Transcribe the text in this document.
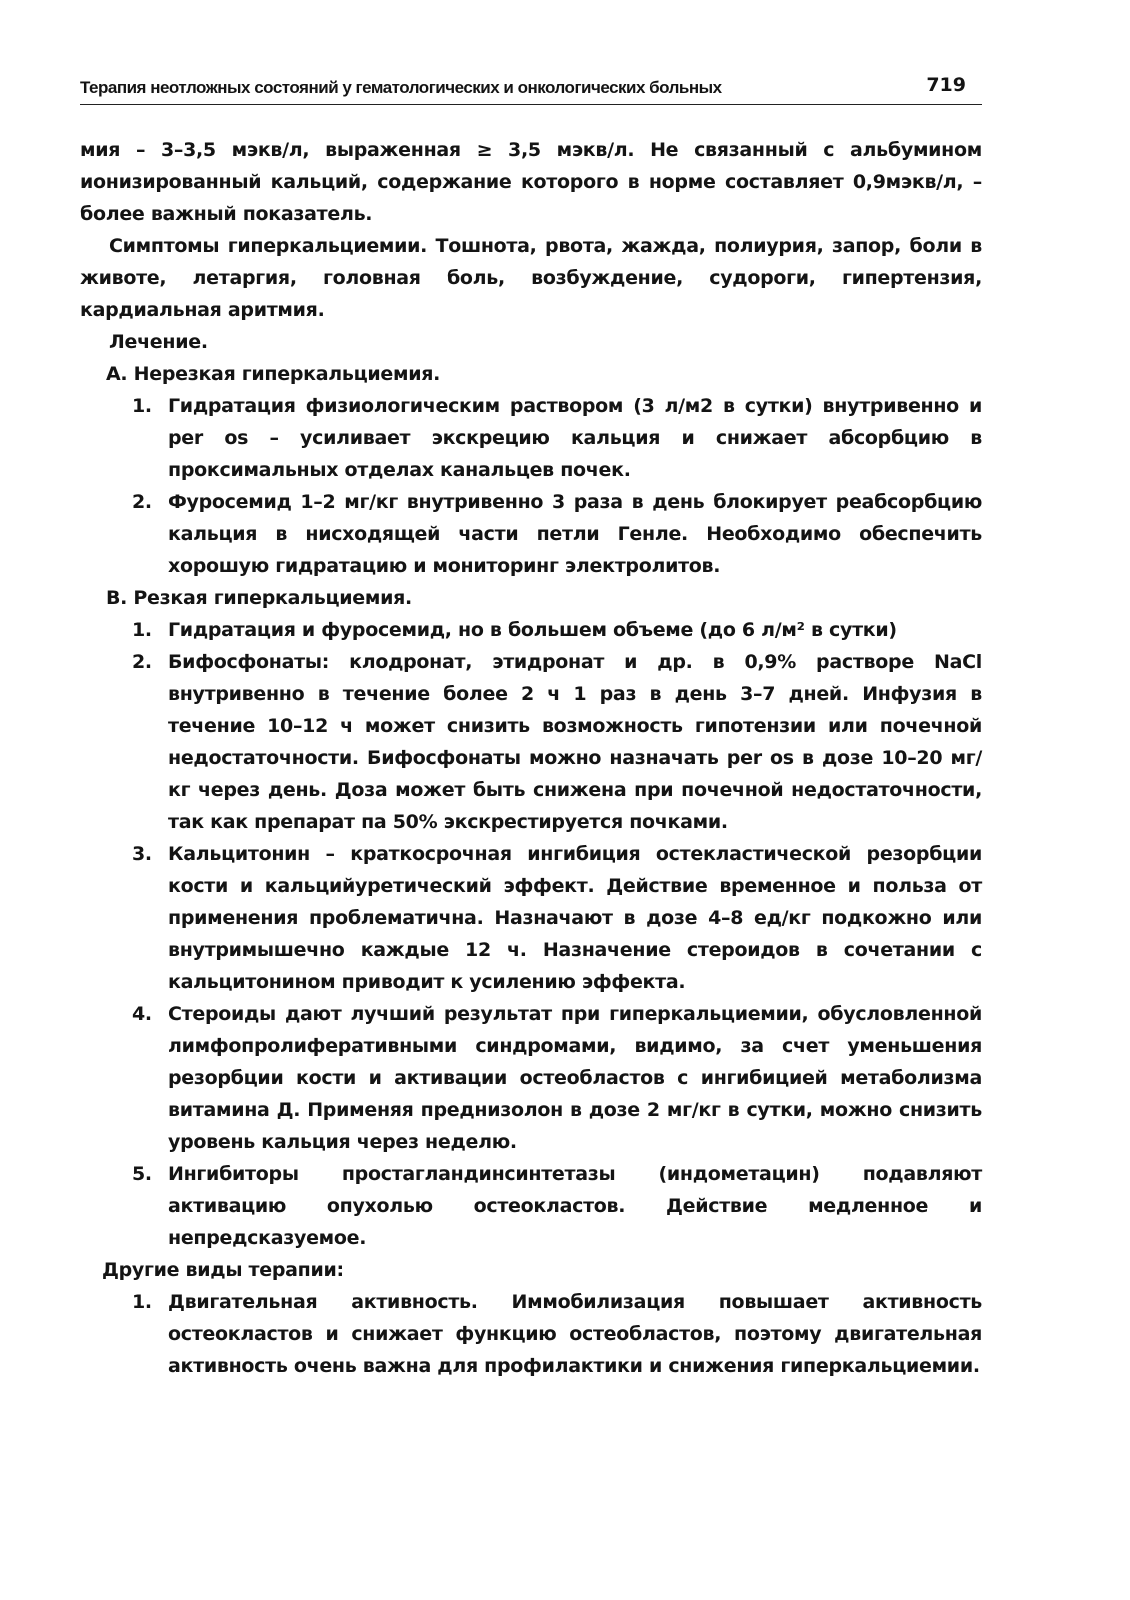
Терапия неотложных состояний у гематологических и онкологических больных	719

мия – 3–3,5 мэкв/л, выраженная ≥ 3,5 мэкв/л. Не связанный с альбумином ионизированный кальций, содержание которого в норме составляет 0,9мэкв/л, – более важный показатель.

Симптомы гиперкальциемии. Тошнота, рвота, жажда, полиурия, запор, боли в животе, летаргия, головная боль, возбуждение, судороги, гипертензия, кардиальная аритмия.

Лечение.

А. Нерезкая гиперкальциемия.

1. Гидратация физиологическим раствором (3 л/м2 в сутки) внутривенно и per os – усиливает экскрецию кальция и снижает абсорбцию в проксимальных отделах канальцев почек.
2. Фуросемид 1–2 мг/кг внутривенно 3 раза в день блокирует реабсорбцию кальция в нисходящей части петли Генле. Необходимо обеспечить хорошую гидратацию и мониторинг электролитов.

В. Резкая гиперкальциемия.

1. Гидратация и фуросемид, но в большем объеме (до 6 л/м² в сутки)
2. Бифосфонаты: клодронат, этидронат и др. в 0,9% растворе NaCl внутривенно в течение более 2 ч 1 раз в день 3–7 дней. Инфузия в течение 10–12 ч может снизить возможность гипотензии или почечной недостаточности. Бифосфонаты можно назначать per os в дозе 10–20 мг/кг через день. Доза может быть снижена при почечной недостаточности, так как препарат па 50% экскрестируется почками.
3. Кальцитонин – краткосрочная ингибиция остекластической резорбции кости и кальцийуретический эффект. Действие временное и польза от применения проблематична. Назначают в дозе 4–8 ед/кг подкожно или внутримышечно каждые 12 ч. Назначение стероидов в сочетании с кальцитонином приводит к усилению эффекта.
4. Стероиды дают лучший результат при гиперкальциемии, обусловленной лимфопролиферативными синдромами, видимо, за счет уменьшения резорбции кости и активации остеобластов с ингибицией метаболизма витамина Д. Применяя преднизолон в дозе 2 мг/кг в сутки, можно снизить уровень кальция через неделю.
5. Ингибиторы простагландинсинтетазы (индометацин) подавляют активацию опухолью остеокластов. Действие медленное и непредсказуемое.

Другие виды терапии:

1. Двигательная активность. Иммобилизация повышает активность остеокластов и снижает функцию остеобластов, поэтому двигательная активность очень важна для профилактики и снижения гиперкальциемии.
